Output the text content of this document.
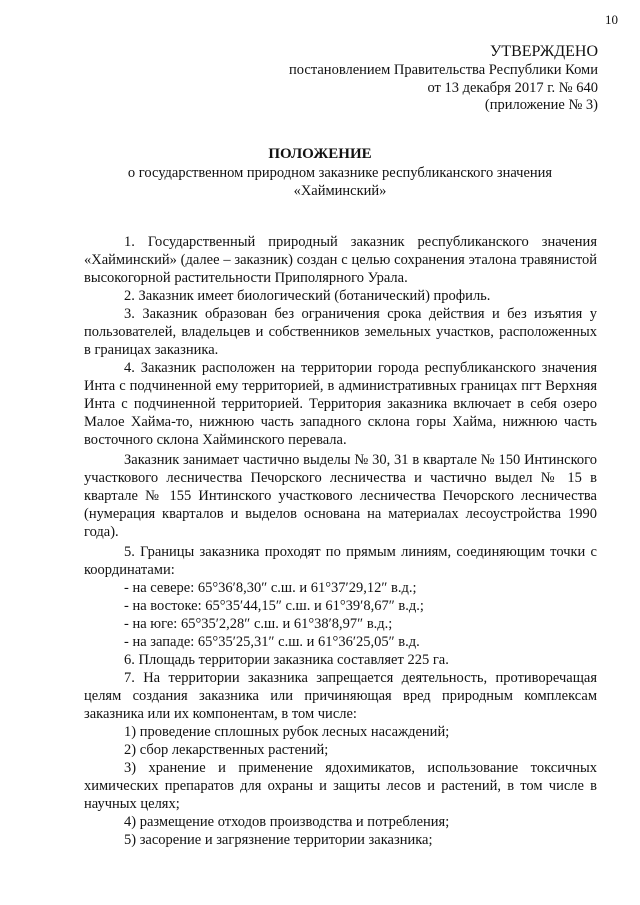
10
УТВЕРЖДЕНО
постановлением Правительства Республики Коми
от 13 декабря 2017 г. № 640
(приложение № 3)
ПОЛОЖЕНИЕ
о государственном природном заказнике республиканского значения
«Хайминский»

1. Государственный природный заказник республиканского значения «Хайминский» (далее – заказник) создан с целью сохранения эталона травянистой высокогорной растительности Приполярного Урала.

2. Заказник имеет биологический (ботанический) профиль.

3. Заказник образован без ограничения срока действия и без изъятия у пользователей, владельцев и собственников земельных участков, расположенных в границах заказника.

4. Заказник расположен на территории города республиканского значения Инта с подчиненной ему территорией, в административных границах пгт Верхняя Инта с подчиненной территорией. Территория заказника включает в себя озеро Малое Хайма-то, нижнюю часть западного склона горы Хайма, нижнюю часть восточного склона Хайминского перевала.

Заказник занимает частично выделы № 30, 31 в квартале № 150 Интинского участкового лесничества Печорского лесничества и частично выдел № 15 в квартале № 155 Интинского участкового лесничества Печорского лесничества (нумерация кварталов и выделов основана на материалах лесоустройства 1990 года).

5. Границы заказника проходят по прямым линиям, соединяющим точки с координатами:

- на севере: 65°36′8,30″ с.ш. и 61°37′29,12″ в.д.;

- на востоке: 65°35′44,15″ с.ш. и 61°39′8,67″ в.д.;

- на юге: 65°35′2,28″ с.ш. и 61°38′8,97″ в.д.;

- на западе: 65°35′25,31″ с.ш. и 61°36′25,05″ в.д.

6. Площадь территории заказника составляет 225 га.

7. На территории заказника запрещается деятельность, противоречащая целям создания заказника или причиняющая вред природным комплексам заказника или их компонентам, в том числе:

1) проведение сплошных рубок лесных насаждений;

2) сбор лекарственных растений;

3) хранение и применение ядохимикатов, использование токсичных химических препаратов для охраны и защиты лесов и растений, в том числе в научных целях;

4) размещение отходов производства и потребления;

5) засорение и загрязнение территории заказника;
